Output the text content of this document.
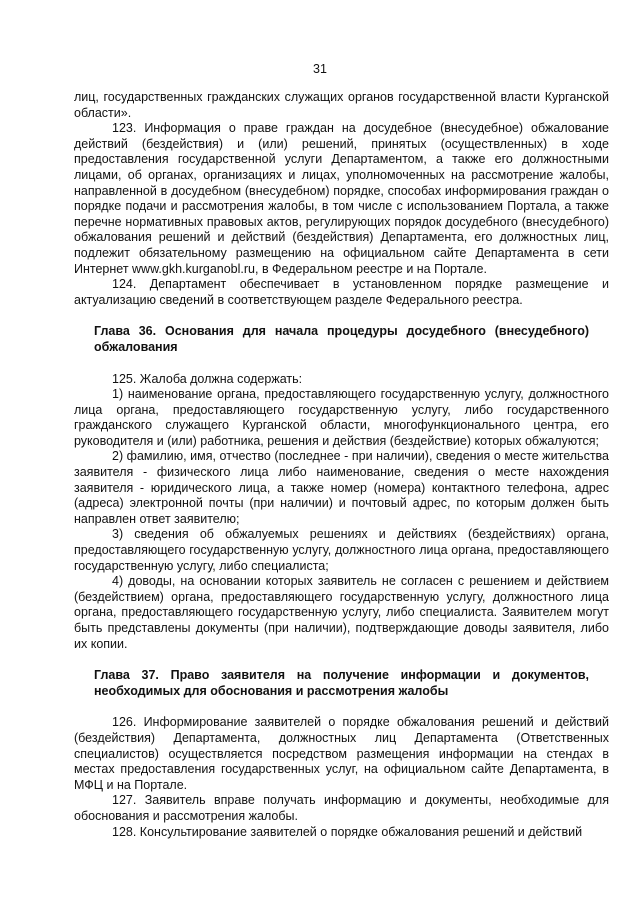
31

лиц, государственных гражданских служащих органов государственной власти Курганской области».

123. Информация о праве граждан на досудебное (внесудебное) обжалование действий (бездействия) и (или) решений, принятых (осуществленных) в ходе предоставления государственной услуги Департаментом, а также его должностными лицами, об органах, организациях и лицах, уполномоченных на рассмотрение жалобы, направленной в досудебном (внесудебном) порядке, способах информирования граждан о порядке подачи и рассмотрения жалобы, в том числе с использованием Портала, а также перечне нормативных правовых актов, регулирующих порядок досудебного (внесудебного) обжалования решений и действий (бездействия) Департамента, его должностных лиц, подлежит обязательному размещению на официальном сайте Департамента в сети Интернет www.gkh.kurganobl.ru, в Федеральном реестре и на Портале.

124. Департамент обеспечивает в установленном порядке размещение и актуализацию сведений в соответствующем разделе Федерального реестра.

Глава 36. Основания для начала процедуры досудебного (внесудебного) обжалования

125. Жалоба должна содержать:

1) наименование органа, предоставляющего государственную услугу, должностного лица органа, предоставляющего государственную услугу, либо государственного гражданского служащего Курганской области, многофункционального центра, его руководителя и (или) работника, решения и действия (бездействие) которых обжалуются;

2) фамилию, имя, отчество (последнее - при наличии), сведения о месте жительства заявителя - физического лица либо наименование, сведения о месте нахождения заявителя - юридического лица, а также номер (номера) контактного телефона, адрес (адреса) электронной почты (при наличии) и почтовый адрес, по которым должен быть направлен ответ заявителю;

3) сведения об обжалуемых решениях и действиях (бездействиях) органа, предоставляющего государственную услугу, должностного лица органа, предоставляющего государственную услугу, либо специалиста;

4) доводы, на основании которых заявитель не согласен с решением и действием (бездействием) органа, предоставляющего государственную услугу, должностного лица органа, предоставляющего государственную услугу, либо специалиста. Заявителем могут быть представлены документы (при наличии), подтверждающие доводы заявителя, либо их копии.

Глава 37. Право заявителя на получение информации и документов, необходимых для обоснования и рассмотрения жалобы

126. Информирование заявителей о порядке обжалования решений и действий (бездействия) Департамента, должностных лиц Департамента (Ответственных специалистов) осуществляется посредством размещения информации на стендах в местах предоставления государственных услуг, на официальном сайте Департамента, в МФЦ и на Портале.

127. Заявитель вправе получать информацию и документы, необходимые для обоснования и рассмотрения жалобы.

128. Консультирование заявителей о порядке обжалования решений и действий
